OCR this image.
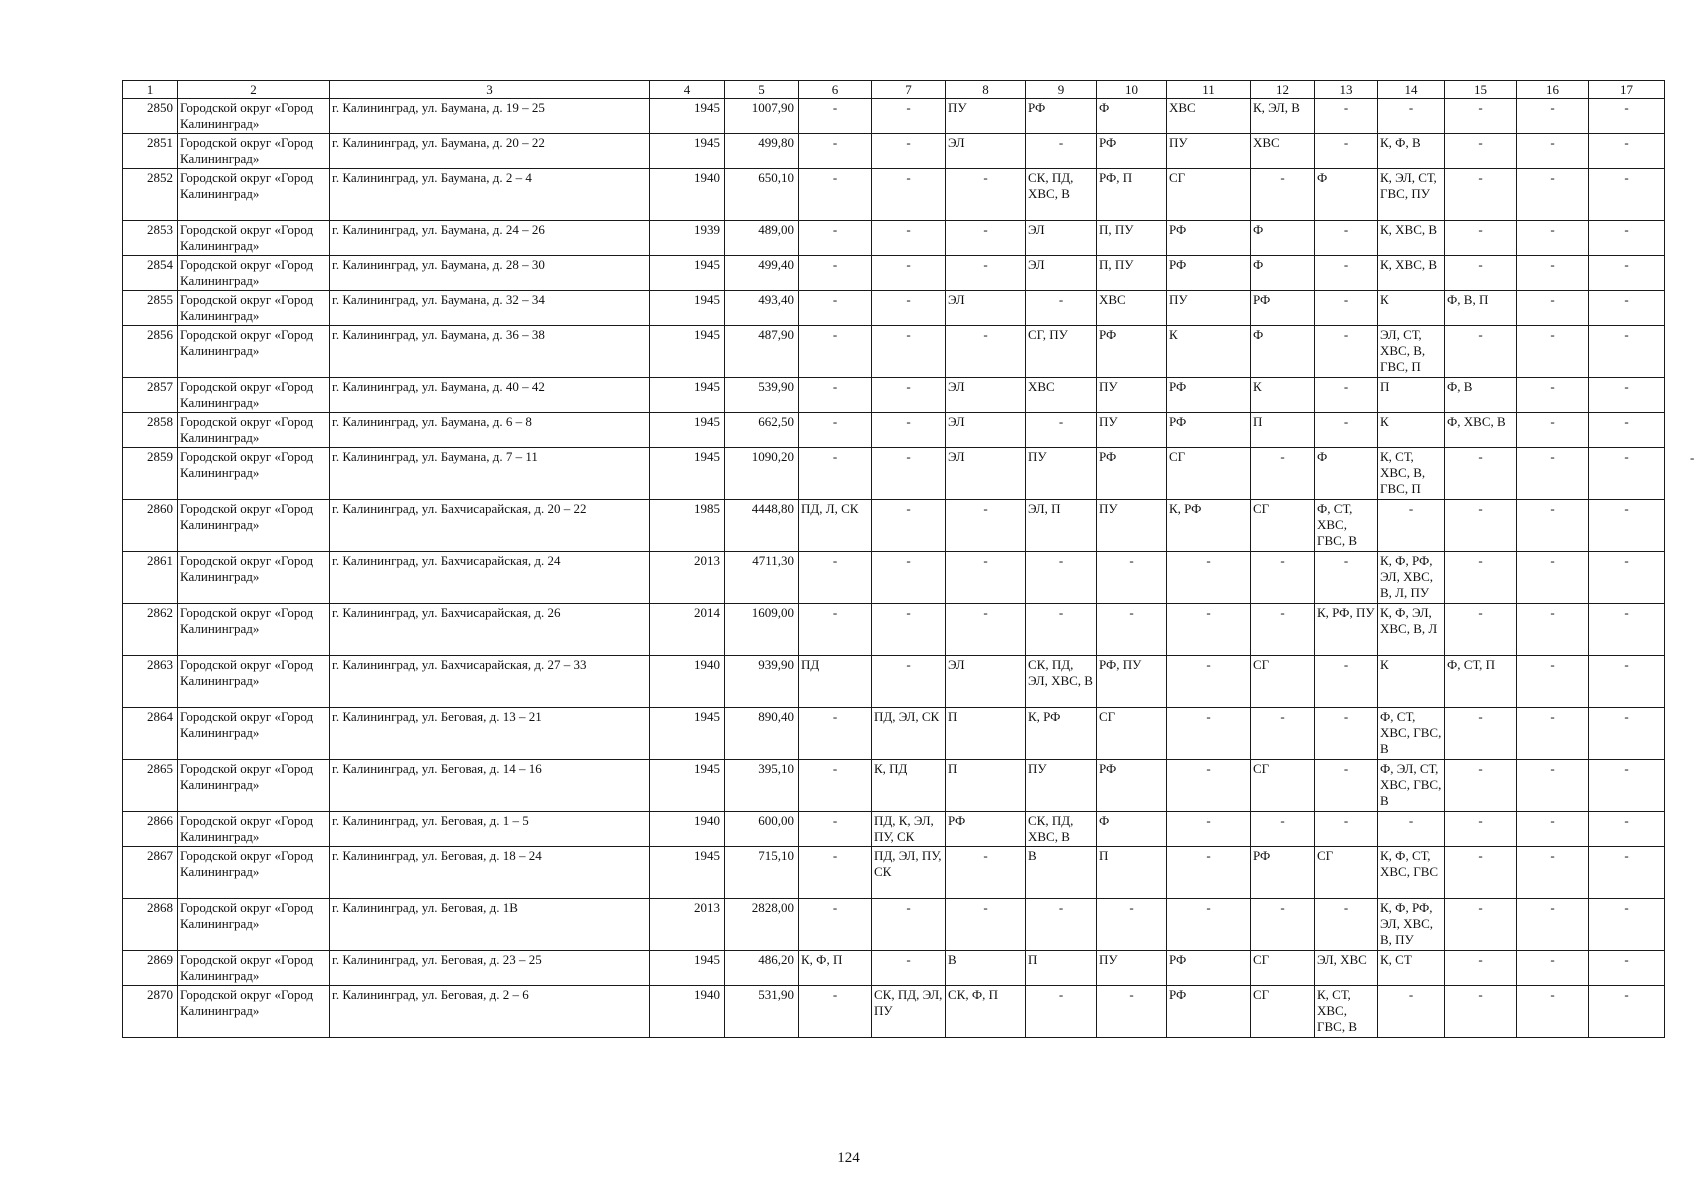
1	2	3	4	5	6	7	8	9	10	11	12	13	14	15	16	17
2850	Городской округ «Город Калининград»	г. Калининград, ул. Баумана, д. 19 – 25	1945	1007,90	-	-	ПУ	РФ	Ф	ХВС	К, ЭЛ, В	-	-	-	-	-
2851	Городской округ «Город Калининград»	г. Калининград, ул. Баумана, д. 20 – 22	1945	499,80	-	-	ЭЛ	-	РФ	ПУ	ХВС	-	К, Ф, В	-	-	-
2852	Городской округ «Город Калининград»	г. Калининград, ул. Баумана, д. 2 – 4	1940	650,10	-	-	-	СК, ПД, ХВС, В	РФ, П	СГ	-	Ф	К, ЭЛ, СТ, ГВС, ПУ	-	-	-
2853	Городской округ «Город Калининград»	г. Калининград, ул. Баумана, д. 24 – 26	1939	489,00	-	-	-	ЭЛ	П, ПУ	РФ	Ф	-	К, ХВС, В	-	-	-
2854	Городской округ «Город Калининград»	г. Калининград, ул. Баумана, д. 28 – 30	1945	499,40	-	-	-	ЭЛ	П, ПУ	РФ	Ф	-	К, ХВС, В	-	-	-
2855	Городской округ «Город Калининград»	г. Калининград, ул. Баумана, д. 32 – 34	1945	493,40	-	-	ЭЛ	-	ХВС	ПУ	РФ	-	К	Ф, В, П	-	-
2856	Городской округ «Город Калининград»	г. Калининград, ул. Баумана, д. 36 – 38	1945	487,90	-	-	-	СГ, ПУ	РФ	К	Ф	-	ЭЛ, СТ, ХВС, В, ГВС, П	-	-	-
2857	Городской округ «Город Калининград»	г. Калининград, ул. Баумана, д. 40 – 42	1945	539,90	-	-	ЭЛ	ХВС	ПУ	РФ	К	-	П	Ф, В	-	-
2858	Городской округ «Город Калининград»	г. Калининград, ул. Баумана, д. 6 – 8	1945	662,50	-	-	ЭЛ	-	ПУ	РФ	П	-	К	Ф, ХВС, В	-	-
2859	Городской округ «Город Калининград»	г. Калининград, ул. Баумана, д. 7 – 11	1945	1090,20	-	-	ЭЛ	ПУ	РФ	СГ	-	Ф	К, СТ, ХВС, В, ГВС, П	-	-	-
2860	Городской округ «Город Калининград»	г. Калининград, ул. Бахчисарайская, д. 20 – 22	1985	4448,80	ПД, Л, СК	-	-	ЭЛ, П	ПУ	К, РФ	СГ	Ф, СТ, ХВС, ГВС, В	-	-	-	-
2861	Городской округ «Город Калининград»	г. Калининград, ул. Бахчисарайская, д. 24	2013	4711,30	-	-	-	-	-	-	-	-	К, Ф, РФ, ЭЛ, ХВС, В, Л, ПУ	-	-	-
2862	Городской округ «Город Калининград»	г. Калининград, ул. Бахчисарайская, д. 26	2014	1609,00	-	-	-	-	-	-	-	К, РФ, ПУ	К, Ф, ЭЛ, ХВС, В, Л	-	-	-
2863	Городской округ «Город Калининград»	г. Калининград, ул. Бахчисарайская, д. 27 – 33	1940	939,90	ПД	-	ЭЛ	СК, ПД, ЭЛ, ХВС, В	РФ, ПУ	-	СГ	-	К	Ф, СТ, П	-	-
2864	Городской округ «Город Калининград»	г. Калининград, ул. Беговая, д. 13 – 21	1945	890,40	-	ПД, ЭЛ, СК	П	К, РФ	СГ	-	-	-	Ф, СТ, ХВС, ГВС, В	-	-	-
2865	Городской округ «Город Калининград»	г. Калининград, ул. Беговая, д. 14 – 16	1945	395,10	-	К, ПД	П	ПУ	РФ	-	СГ	-	Ф, ЭЛ, СТ, ХВС, ГВС, В	-	-	-
2866	Городской округ «Город Калининград»	г. Калининград, ул. Беговая, д. 1 – 5	1940	600,00	-	ПД, К, ЭЛ, ПУ, СК	РФ	СК, ПД, ХВС, В	Ф	-	-	-	-	-	-	-
2867	Городской округ «Город Калининград»	г. Калининград, ул. Беговая, д. 18 – 24	1945	715,10	-	ПД, ЭЛ, ПУ, СК	-	В	П	-	РФ	СГ	К, Ф, СТ, ХВС, ГВС	-	-	-
2868	Городской округ «Город Калининград»	г. Калининград, ул. Беговая, д. 1В	2013	2828,00	-	-	-	-	-	-	-	-	К, Ф, РФ, ЭЛ, ХВС, В, ПУ	-	-	-
2869	Городской округ «Город Калининград»	г. Калининград, ул. Беговая, д. 23 – 25	1945	486,20	К, Ф, П	-	В	П	ПУ	РФ	СГ	ЭЛ, ХВС	К, СТ	-	-	-
2870	Городской округ «Город Калининград»	г. Калининград, ул. Беговая, д. 2 – 6	1940	531,90	-	СК, ПД, ЭЛ, ПУ	СК, Ф, П	-	-	РФ	СГ	К, СТ, ХВС, ГВС, В	-	-	-	-
124
-
